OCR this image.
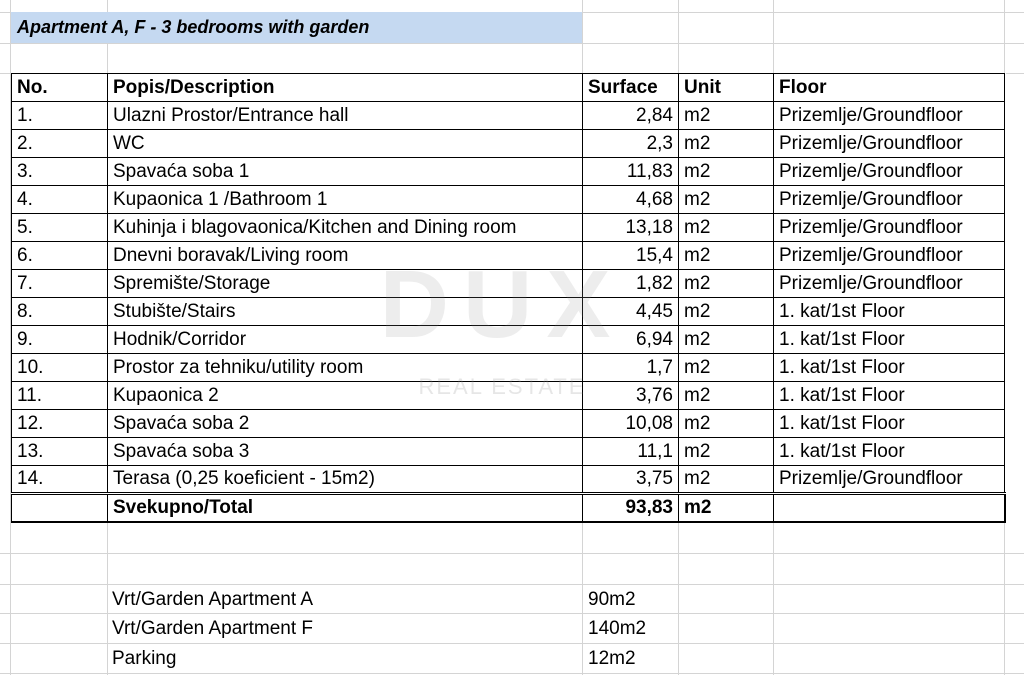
Apartment A, F - 3 bedrooms with garden
No.	Popis/Description	Surface	Unit	Floor
1.	Ulazni Prostor/Entrance hall	2,84	m2	Prizemlje/Groundfloor
2.	WC	2,3	m2	Prizemlje/Groundfloor
3.	Spavaća soba 1	11,83	m2	Prizemlje/Groundfloor
4.	Kupaonica 1 /Bathroom 1	4,68	m2	Prizemlje/Groundfloor
5.	Kuhinja i blagovaonica/Kitchen and Dining room	13,18	m2	Prizemlje/Groundfloor
6.	Dnevni boravak/Living room	15,4	m2	Prizemlje/Groundfloor
7.	Spremište/Storage	1,82	m2	Prizemlje/Groundfloor
8.	Stubište/Stairs	4,45	m2	1. kat/1st Floor
9.	Hodnik/Corridor	6,94	m2	1. kat/1st Floor
10.	Prostor za tehniku/utility room	1,7	m2	1. kat/1st Floor
11.	Kupaonica 2	3,76	m2	1. kat/1st Floor
12.	Spavaća soba 2	10,08	m2	1. kat/1st Floor
13.	Spavaća soba 3	11,1	m2	1. kat/1st Floor
14.	Terasa (0,25 koeficient - 15m2)	3,75	m2	Prizemlje/Groundfloor
	Svekupno/Total	93,83	m2	
Vrt/Garden Apartment A	90m2
Vrt/Garden Apartment F	140m2
Parking	12m2
REAL ESTATE
